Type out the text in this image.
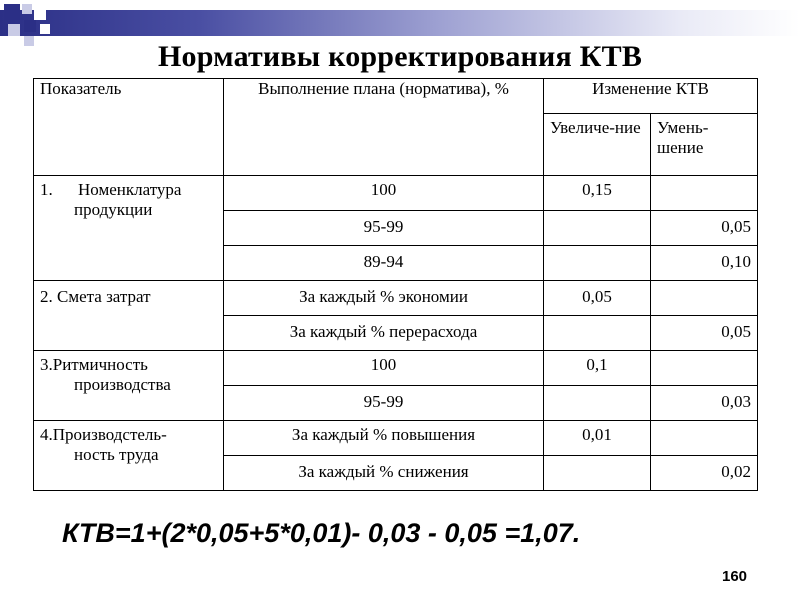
Нормативы корректирования КТВ
Показатель	Выполнение плана (норматива), %	Изменение КТВ	
		Увеличе-ние	Умень-шение
1. Номенклатура
продукции	100	0,15	
	95-99		0,05
	89-94		0,10
2. Смета затрат	За каждый % экономии	0,05	
	За каждый % перерасхода		0,05
3.Ритмичность
производства	100	0,1	
	95-99		0,03
4.Производстель-
ность труда	За каждый % повышения	0,01	
	За каждый % снижения		0,02
КТВ=1+(2*0,05+5*0,01)- 0,03 - 0,05 =1,07.
160
